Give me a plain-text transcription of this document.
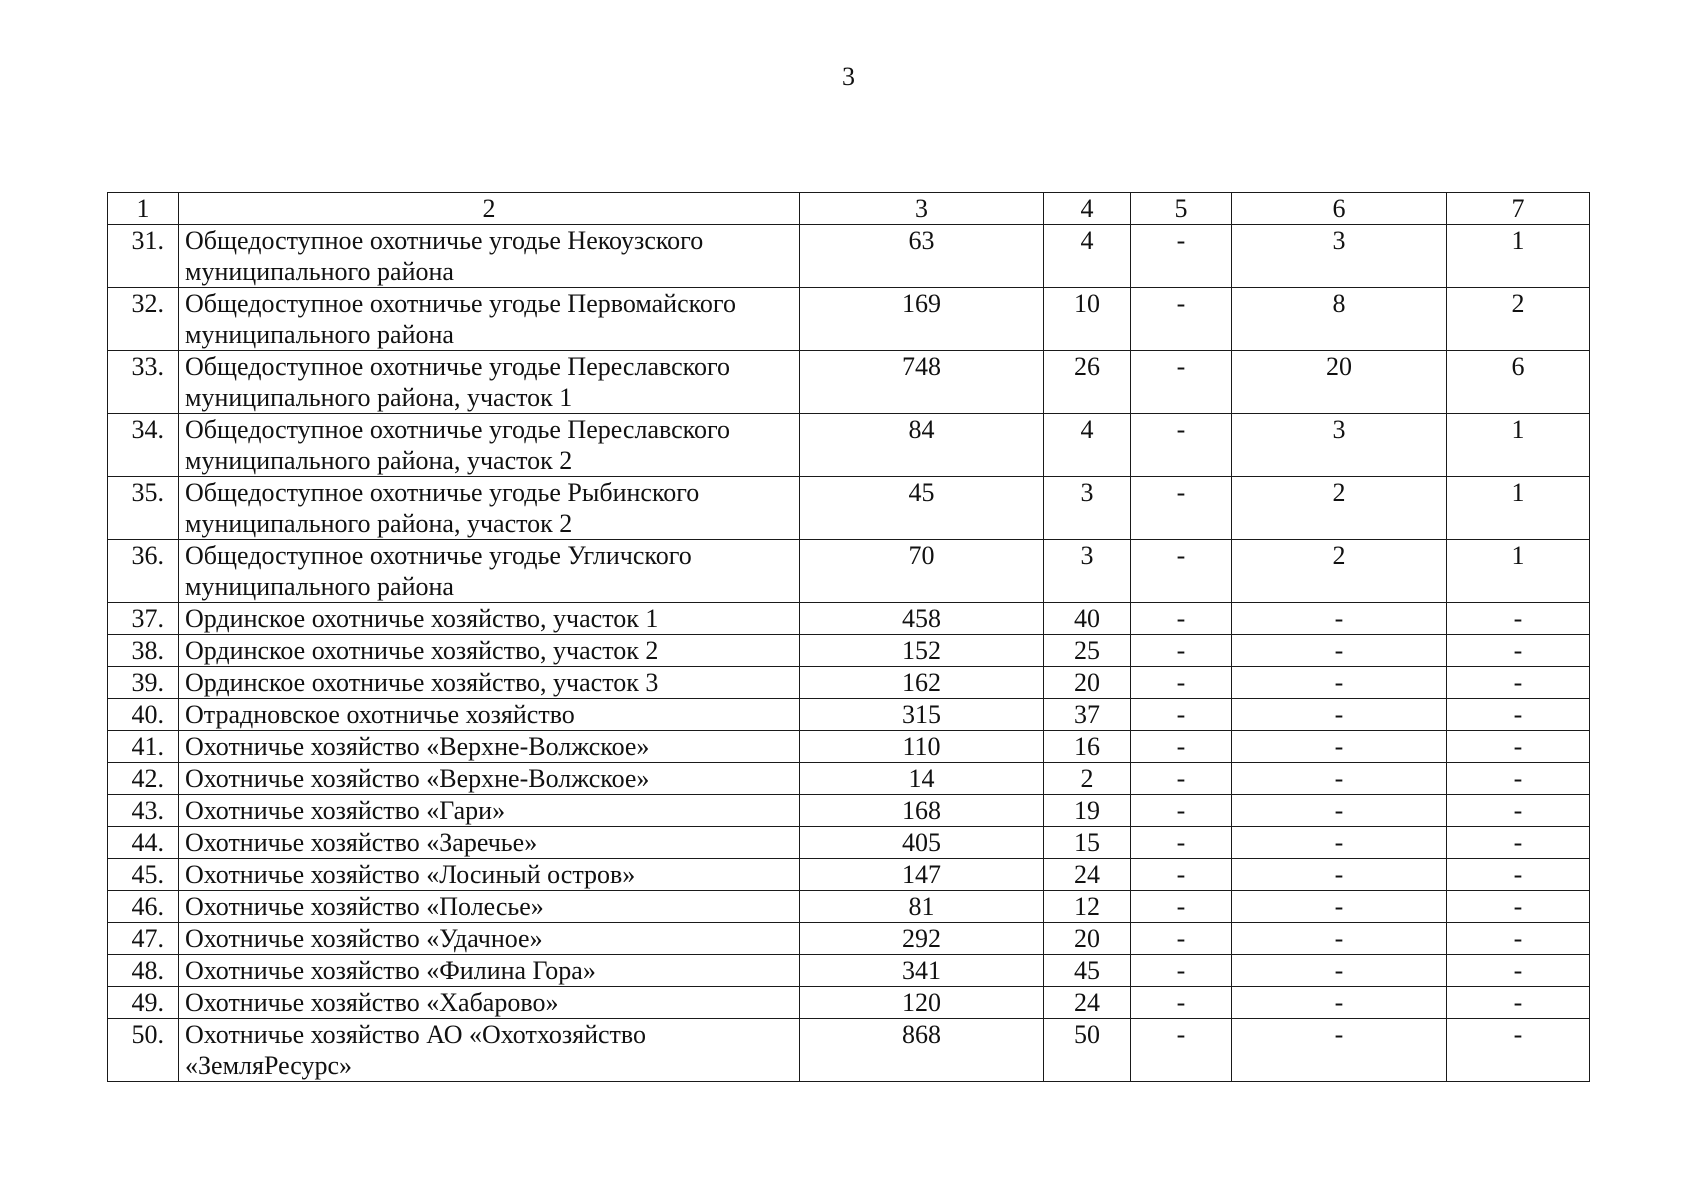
3
1	2	3	4	5	6	7
31.	Общедоступное охотничье угодье Некоузского муниципального района	63	4	-	3	1
32.	Общедоступное охотничье угодье Первомайского муниципального района	169	10	-	8	2
33.	Общедоступное охотничье угодье Переславского муниципального района, участок 1	748	26	-	20	6
34.	Общедоступное охотничье угодье Переславского муниципального района, участок 2	84	4	-	3	1
35.	Общедоступное охотничье угодье Рыбинского муниципального района, участок 2	45	3	-	2	1
36.	Общедоступное охотничье угодье Угличского муниципального района	70	3	-	2	1
37.	Ординское охотничье хозяйство, участок 1	458	40	-	-	-
38.	Ординское охотничье хозяйство, участок 2	152	25	-	-	-
39.	Ординское охотничье хозяйство, участок 3	162	20	-	-	-
40.	Отрадновское охотничье хозяйство	315	37	-	-	-
41.	Охотничье хозяйство «Верхне-Волжское»	110	16	-	-	-
42.	Охотничье хозяйство «Верхне-Волжское»	14	2	-	-	-
43.	Охотничье хозяйство «Гари»	168	19	-	-	-
44.	Охотничье хозяйство «Заречье»	405	15	-	-	-
45.	Охотничье хозяйство «Лосиный остров»	147	24	-	-	-
46.	Охотничье хозяйство «Полесье»	81	12	-	-	-
47.	Охотничье хозяйство «Удачное»	292	20	-	-	-
48.	Охотничье хозяйство «Филина Гора»	341	45	-	-	-
49.	Охотничье хозяйство «Хабарово»	120	24	-	-	-
50.	Охотничье хозяйство АО «Охотхозяйство «ЗемляРесурс»	868	50	-	-	-
